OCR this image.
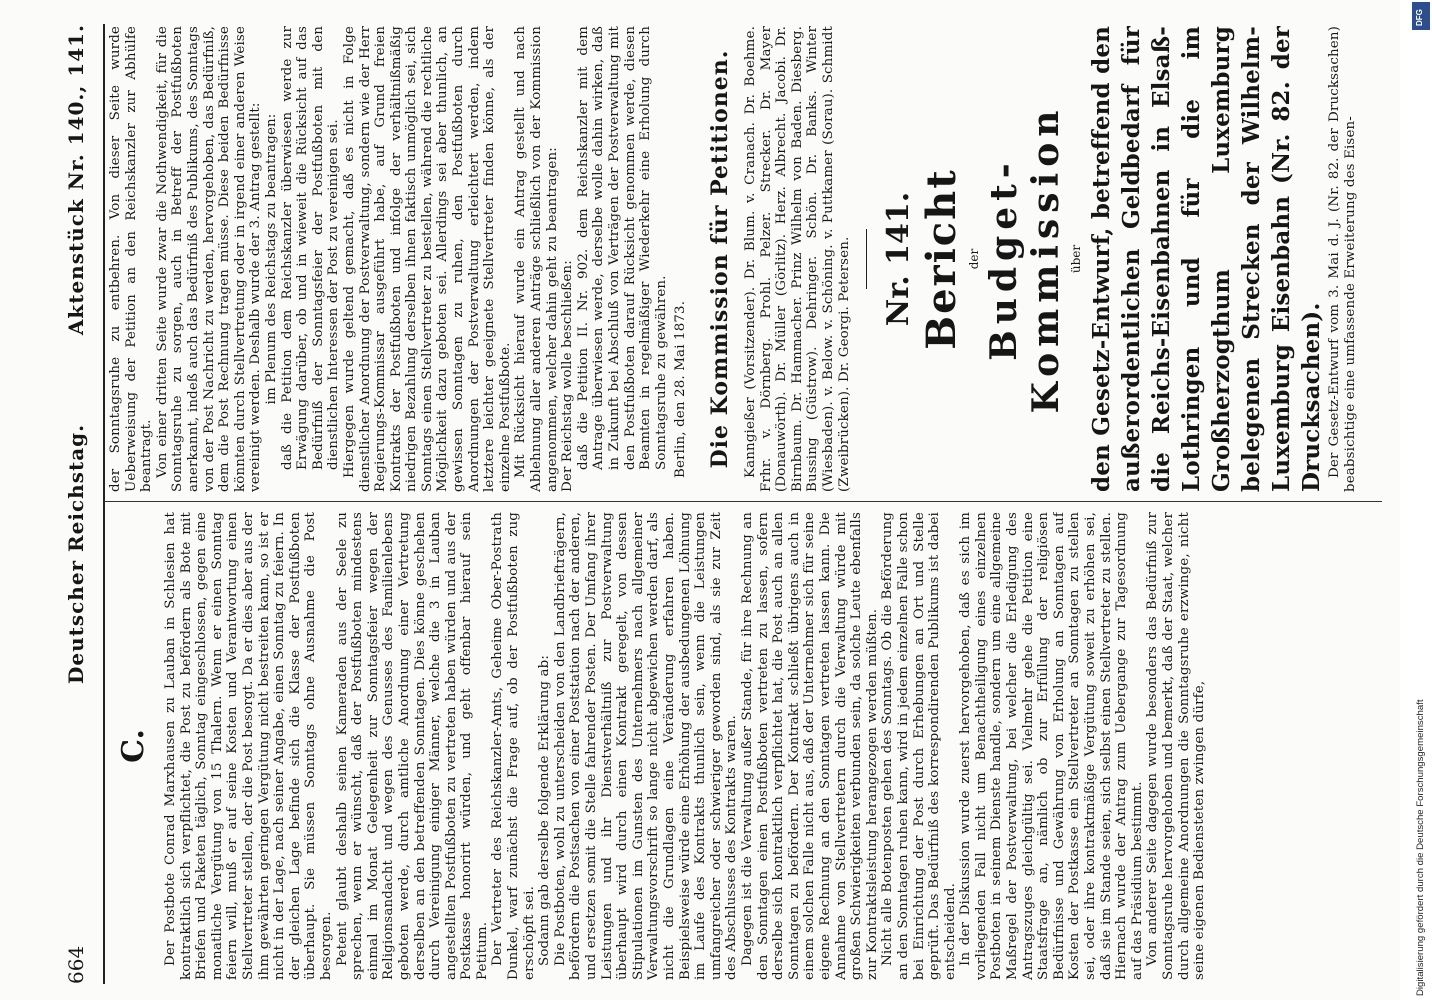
664
Deutscher Reichstag.
Aktenstück Nr. 140., 141.
C. Der Postbote Conrad Marxhausen zu Lauban in Schlesien hat kontraktlich sich verpflichtet, die Post zu befördern als Bote mit Briefen und Paketen täglich, Sonntag eingeschlossen, gegen eine monatliche Vergütung von 15 Thalern. Wenn er einen Sonntag feiern will, muß er auf seine Kosten und Verantwortung einen Stellvertreter stellen, der die Post besorgt. Da er dies aber aus der ihm gewährten geringen Vergütung nicht bestreiten kann, so ist er nicht in der Lage, nach seiner Angabe, einen Sonntag zu feiern. In der gleichen Lage befinde sich die Klasse der Postfußboten überhaupt. Sie müssen Sonntags ohne Ausnahme die Post besorgen. Petent glaubt deshalb seinen Kameraden aus der Seele zu sprechen, wenn er wünscht, daß der Postfußboten mindestens einmal im Monat Gelegenheit zur Sonntagsfeier wegen der Religionsandacht und wegen des Genusses des Familienlebens geboten werde, durch amtliche Anordnung einer Vertretung derselben an den betreffenden Sonntagen. Dies könne geschehen durch Vereinigung einiger Männer, welche die 3 in Lauban angestellten Postfußboten zu vertreten haben würden und aus der Postkasse honorirt würden, und geht offenbar hierauf sein Petitum. Der Vertreter des Reichskanzler-Amts, Geheime Ober-Postrath Dunkel, warf zunächst die Frage auf, ob der Postfußboten zug erschöpft sei. Sodann gab derselbe folgende Erklärung ab: Die Postboten, wohl zu unterscheiden von den Landbriefträgern, befördern die Postsachen von einer Poststation nach der anderen, und ersetzen somit die Stelle fahrender Posten. Der Umfang ihrer Leistungen und ihr Dienstverhältniß zur Postverwaltung überhaupt wird durch einen Kontrakt geregelt, von dessen Stipulationen im Gunsten des Unternehmers nach allgemeiner Verwaltungsvorschrift so lange nicht abgewichen werden darf, als nicht die Grundlagen eine Veränderung erfahren haben. Beispielsweise würde eine Erhöhung der ausbedungenen Löhnung im Laufe des Kontrakts thunlich sein, wenn die Leistungen umfangreicher oder schwieriger geworden sind, als sie zur Zeit des Abschlusses des Kontrakts waren. Dagegen ist die Verwaltung außer Stande, für ihre Rechnung an den Sonntagen einen Postfußboten vertreten zu lassen, sofern derselbe sich kontraktlich verpflichtet hat, die Post auch an allen Sonntagen zu befördern. Der Kontrakt schließt übrigens auch in einem solchen Falle nicht aus, daß der Unternehmer sich für seine eigene Rechnung an den Sonntagen vertreten lassen kann. Die Annahme von Stellvertretern durch die Verwaltung würde mit großen Schwierigkeiten verbunden sein, da solche Leute ebenfalls zur Kontraktsleistung herangezogen werden müßten. Nicht alle Botenposten gehen des Sonntags. Ob die Beförderung an den Sonntagen ruhen kann, wird in jedem einzelnen Falle schon bei Einrichtung der Post durch Erhebungen an Ort und Stelle geprüft. Das Bedürfniß des korrespondirenden Publikums ist dabei entscheidend. In der Diskussion wurde zuerst hervorgehoben, daß es sich im vorliegenden Fall nicht um Benachtheiligung eines einzelnen Postboten in seinem Dienste handle, sondern um eine allgemeine Maßregel der Postverwaltung, bei welcher die Erledigung des Antragszuges gleichgültig sei. Vielmehr gehe die Petition eine Staatsfrage an, nämlich ob zur Erfüllung der religiösen Bedürfnisse und Gewährung von Erholung an Sonntagen auf Kosten der Postkasse ein Stellvertreter an Sonntagen zu stellen sei, oder ihre kontraktmäßige Vergütung soweit zu erhöhen sei, daß sie im Stande seien, sich selbst einen Stellvertreter zu stellen. Hiernach wurde der Antrag zum Uebergange zur Tagesordnung auf das Präsidium bestimmt. Von anderer Seite dagegen wurde besonders das Bedürfniß zur Sonntagsruhe hervorgehoben und bemerkt, daß der Staat, welcher durch allgemeine Anordnungen die Sonntagsruhe erzwinge, nicht seine eigenen Bediensteten zwingen dürfe,

der Sonntagsruhe zu entbehren. Von dieser Seite wurde Ueberweisung der Petition an den Reichskanzler zur Abhülfe beantragt. Von einer dritten Seite wurde zwar die Nothwendigkeit, für die Sonntagsruhe zu sorgen, auch in Betreff der Postfußboten anerkannt, indeß auch das Bedürfniß des Publikums, des Sonntags von der Post Nachricht zu werden, hervorgehoben, das Bedürfniß, dem die Post Rechnung tragen müsse. Diese beiden Bedürfnisse könnten durch Stellvertretung oder in irgend einer anderen Weise vereinigt werden. Deshalb wurde der 3. Antrag gestellt: im Plenum des Reichstags zu beantragen: daß die Petition dem Reichskanzler überwiesen werde zur Erwägung darüber, ob und in wieweit die Rücksicht auf das Bedürfniß der Sonntagsfeier der Postfußboten mit den dienstlichen Interessen der Post zu vereinigen sei. Hiergegen wurde geltend gemacht, daß es nicht in Folge dienstlicher Anordnung der Postverwaltung, sondern wie der Herr Regierungs-Kommissar ausgeführt habe, auf Grund freien Kontrakts der Postfußboten und infolge der verhältnißmäßig niedrigen Bezahlung derselben ihnen faktisch unmöglich sei, sich Sonntags einen Stellvertreter zu bestellen, während die rechtliche Möglichkeit dazu geboten sei. Allerdings sei aber thunlich, an gewissen Sonntagen zu ruhen, den Postfußboten durch Anordnungen der Postverwaltung erleichtert werden, indem letztere leichter geeignete Stellvertreter finden könne, als der einzelne Postfußbote. Mit Rücksicht hierauf wurde ein Antrag gestellt und nach Ablehnung aller anderen Anträge schließlich von der Kommission angenommen, welcher dahin geht zu beantragen: Der Reichstag wolle beschließen: daß die Petition II. Nr. 902. dem Reichskanzler mit dem Antrage überwiesen werde, derselbe wolle dahin wirken, daß in Zukunft bei Abschluß von Verträgen der Postverwaltung mit den Postfußboten darauf Rücksicht genommen werde, diesen Beamten in regelmäßiger Wiederkehr eine Erholung durch Sonntagsruhe zu gewähren. Berlin, den 28. Mai 1873. Die Kommission für Petitionen. Kanngießer (Vorsitzender). Dr. Blum. v. Cranach. Dr. Boehme. Frhr. v. Dörnberg. Prohl. Pelzer. Strecker. Dr. Mayer (Donauwörth). Dr. Müller (Görlitz). Herz. Albrecht. Jacobi. Dr. Birnbaum. Dr. Hammacher. Prinz Wilhelm von Baden. Diesberg. Bussing (Güstrow). Dehringer. Schön. Dr. Banks. Winter (Wiesbaden). v. Below. v. Schöning. v. Puttkamer (Sorau). Schmidt (Zweibrücken). Dr. Georgi. Petersen. Nr. 141. Bericht der Budget-Kommission über den Gesetz-Entwurf, betreffend den außerordentlichen Geldbedarf für die Reichs-Eisenbahnen in Elsaß-Lothringen und für die im Großherzogthum Luxemburg belegenen Strecken der Wilhelm-Luxemburg Eisenbahn (Nr. 82. der Drucksachen). Der Gesetz-Entwurf vom 3. Mai d. J. (Nr. 82. der Drucksachen) beabsichtige eine umfassende Erweiterung des Eisen-

Digitalisierung gefördert durch die Deutsche Forschungsgemeinschaft
DFG
